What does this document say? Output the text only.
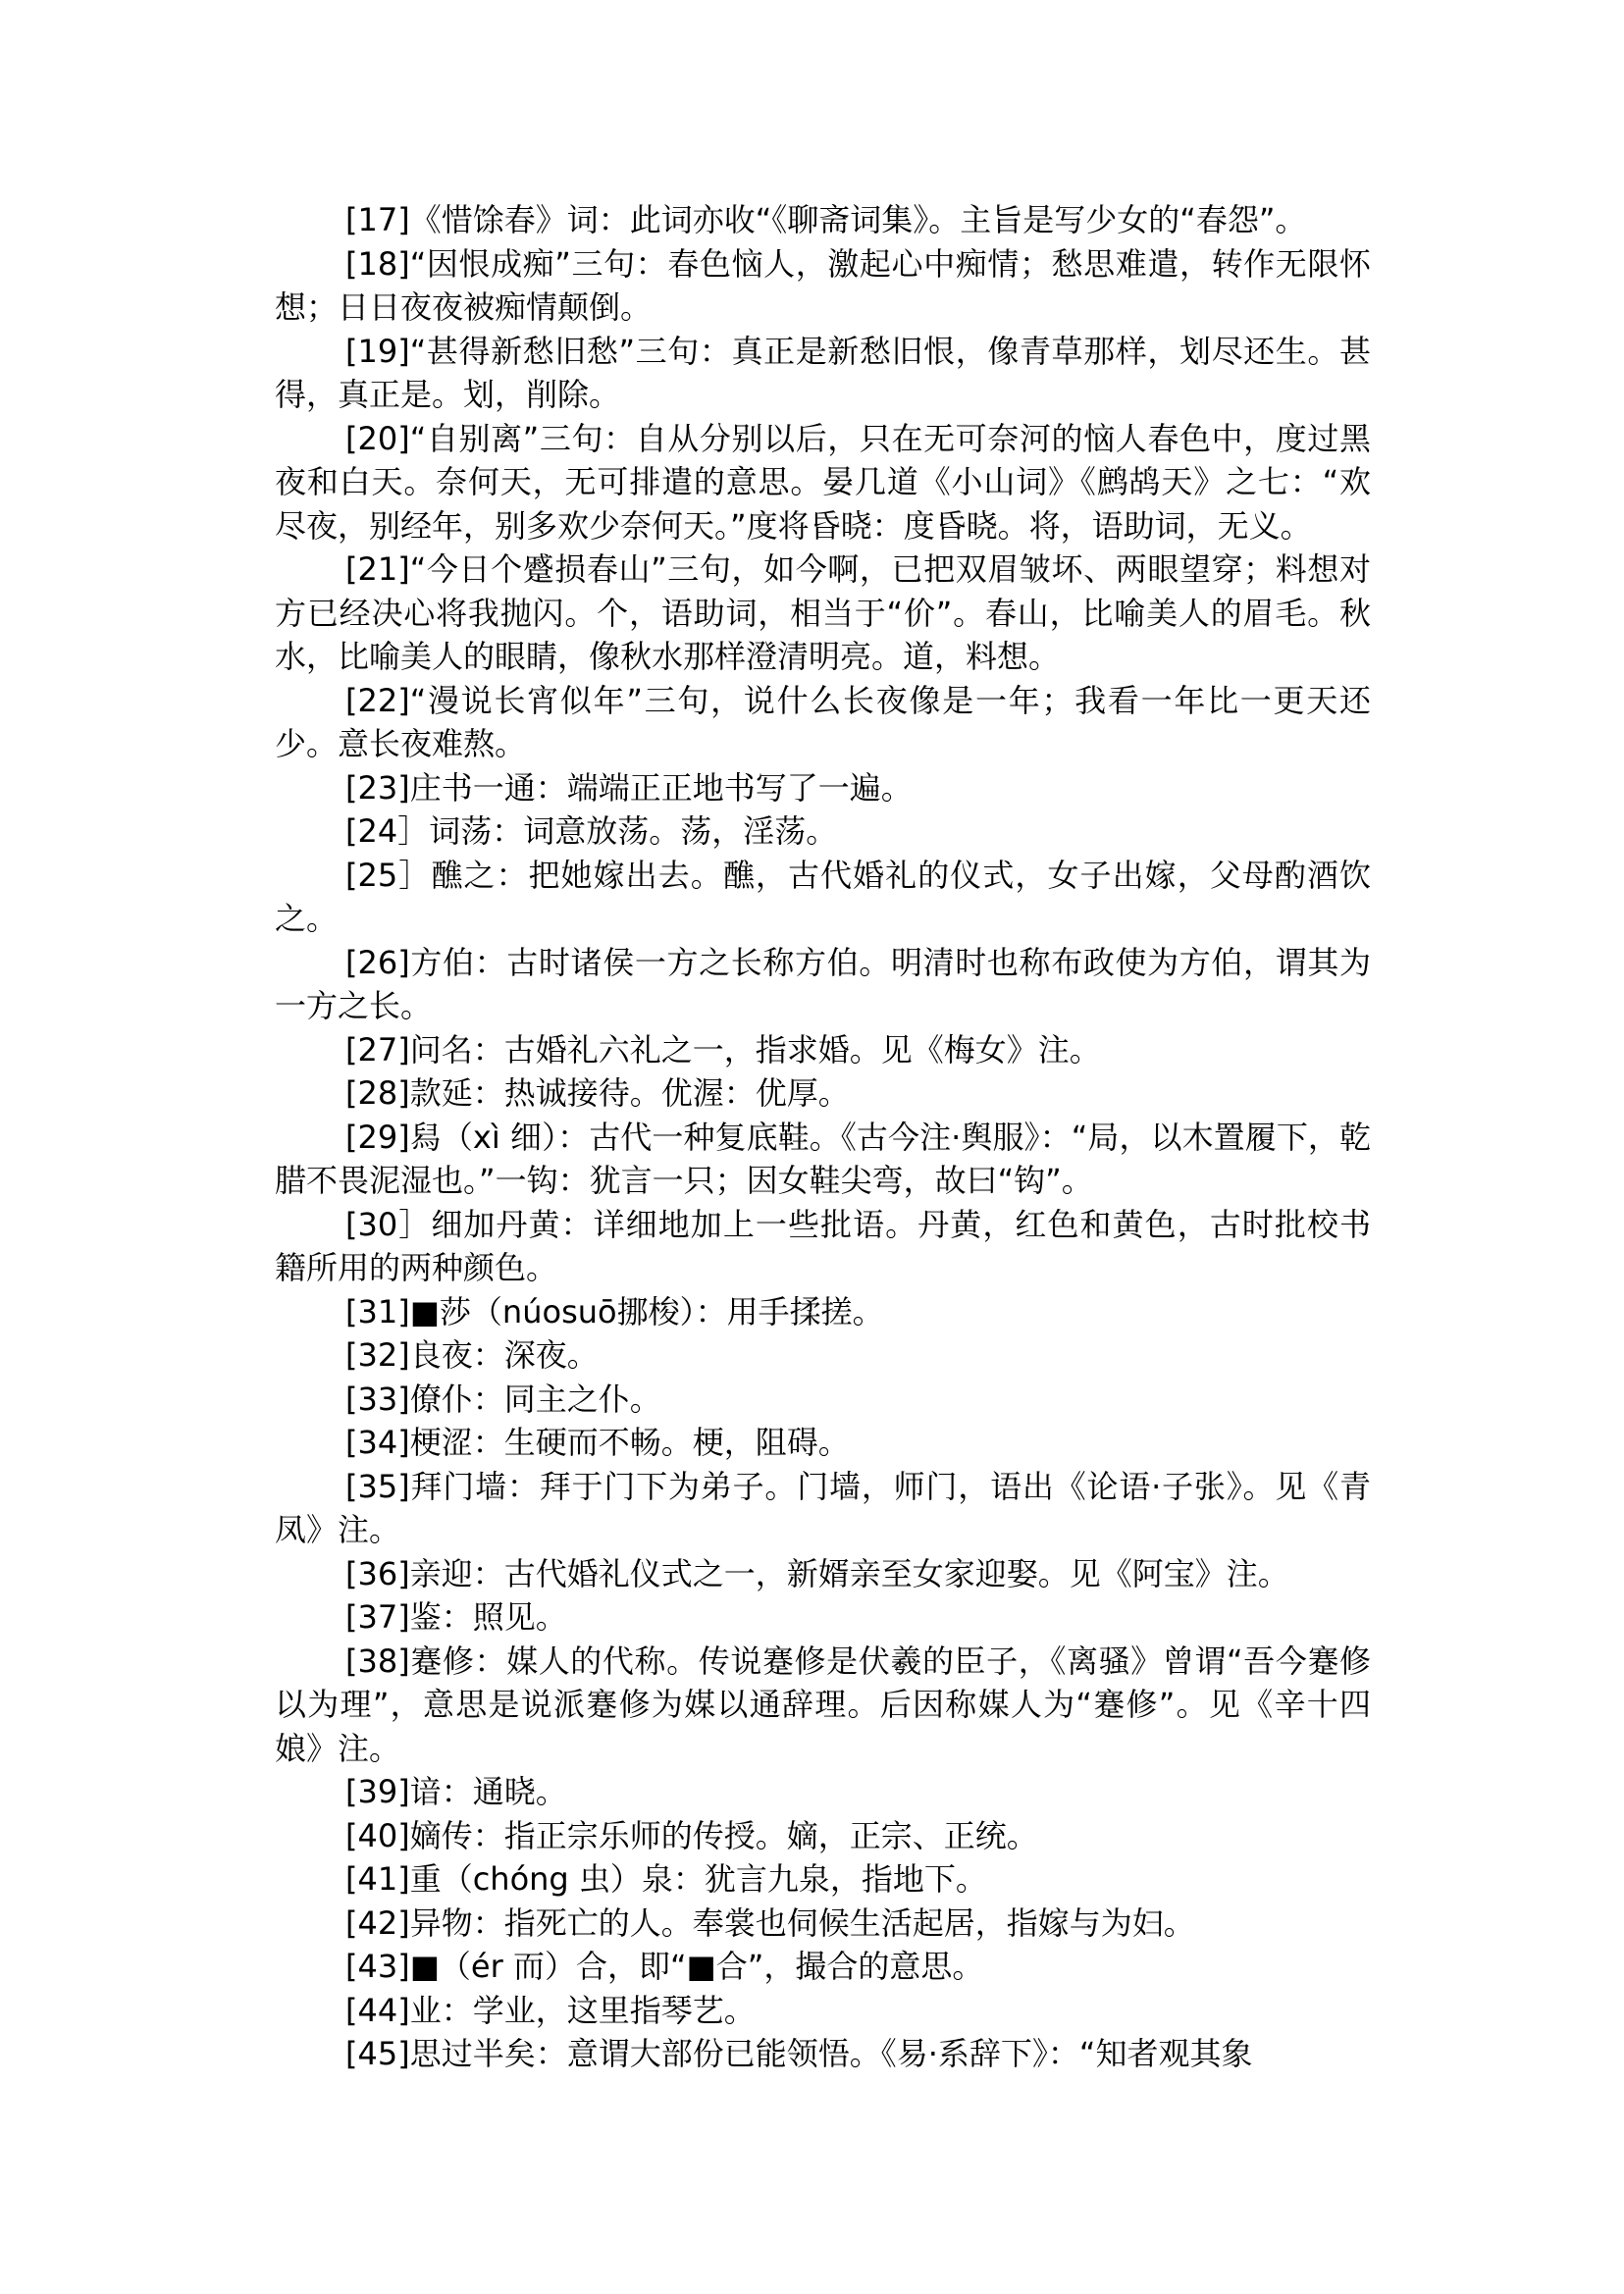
[17]《惜馀春》词：此词亦收“《聊斋词集》。主旨是写少女的“春怨”。

[18]“因恨成痴”三句：春色恼人，激起心中痴情；愁思难遣，转作无限怀想；日日夜夜被痴情颠倒。

[19]“甚得新愁旧愁”三句：真正是新愁旧恨，像青草那样，划尽还生。甚得，真正是。划，削除。

[20]“自别离”三句：自从分别以后，只在无可奈河的恼人春色中，度过黑夜和白天。奈何天，无可排遣的意思。晏几道《小山词》《鹧鸪天》之七：“欢尽夜，别经年，别多欢少奈何天。”度将昏晓：度昏晓。将，语助词，无义。

[21]“今日个蹙损春山”三句，如今啊，已把双眉皱坏、两眼望穿；料想对方已经决心将我抛闪。个，语助词，相当于“价”。春山，比喻美人的眉毛。秋水，比喻美人的眼睛，像秋水那样澄清明亮。道，料想。

[22]“漫说长宵似年”三句，说什么长夜像是一年；我看一年比一更天还少。意长夜难熬。

[23]庄书一通：端端正正地书写了一遍。

[24］词荡：词意放荡。荡，淫荡。

[25］醮之：把她嫁出去。醮，古代婚礼的仪式，女子出嫁，父母酌酒饮之。

[26]方伯：古时诸侯一方之长称方伯。明清时也称布政使为方伯，谓其为一方之长。

[27]问名：古婚礼六礼之一，指求婚。见《梅女》注。

[28]款延：热诚接待。优渥：优厚。

[29]舄（xì 细）：古代一种复底鞋。《古今注·舆服》：“局，以木置履下，乾腊不畏泥湿也。”一钩：犹言一只；因女鞋尖弯，故曰“钩”。

[30］细加丹黄：详细地加上一些批语。丹黄，红色和黄色，古时批校书籍所用的两种颜色。

[31]■莎（núosuō挪梭）：用手揉搓。

[32]良夜：深夜。

[33]僚仆：同主之仆。

[34]梗涩：生硬而不畅。梗，阻碍。

[35]拜门墙：拜于门下为弟子。门墙，师门，语出《论语·子张》。见《青凤》注。

[36]亲迎：古代婚礼仪式之一，新婿亲至女家迎娶。见《阿宝》注。

[37]鉴：照见。

[38]蹇修：媒人的代称。传说蹇修是伏羲的臣子，《离骚》曾谓“吾今蹇修以为理”，意思是说派蹇修为媒以通辞理。后因称媒人为“蹇修”。见《辛十四娘》注。

[39]谙：通晓。

[40]嫡传：指正宗乐师的传授。嫡，正宗、正统。

[41]重（chóng 虫）泉：犹言九泉，指地下。

[42]异物：指死亡的人。奉裳也伺候生活起居，指嫁与为妇。

[43]■（ér 而）合，即“■合”，撮合的意思。

[44]业：学业，这里指琴艺。

[45]思过半矣：意谓大部份已能领悟。《易·系辞下》：“知者观其象
